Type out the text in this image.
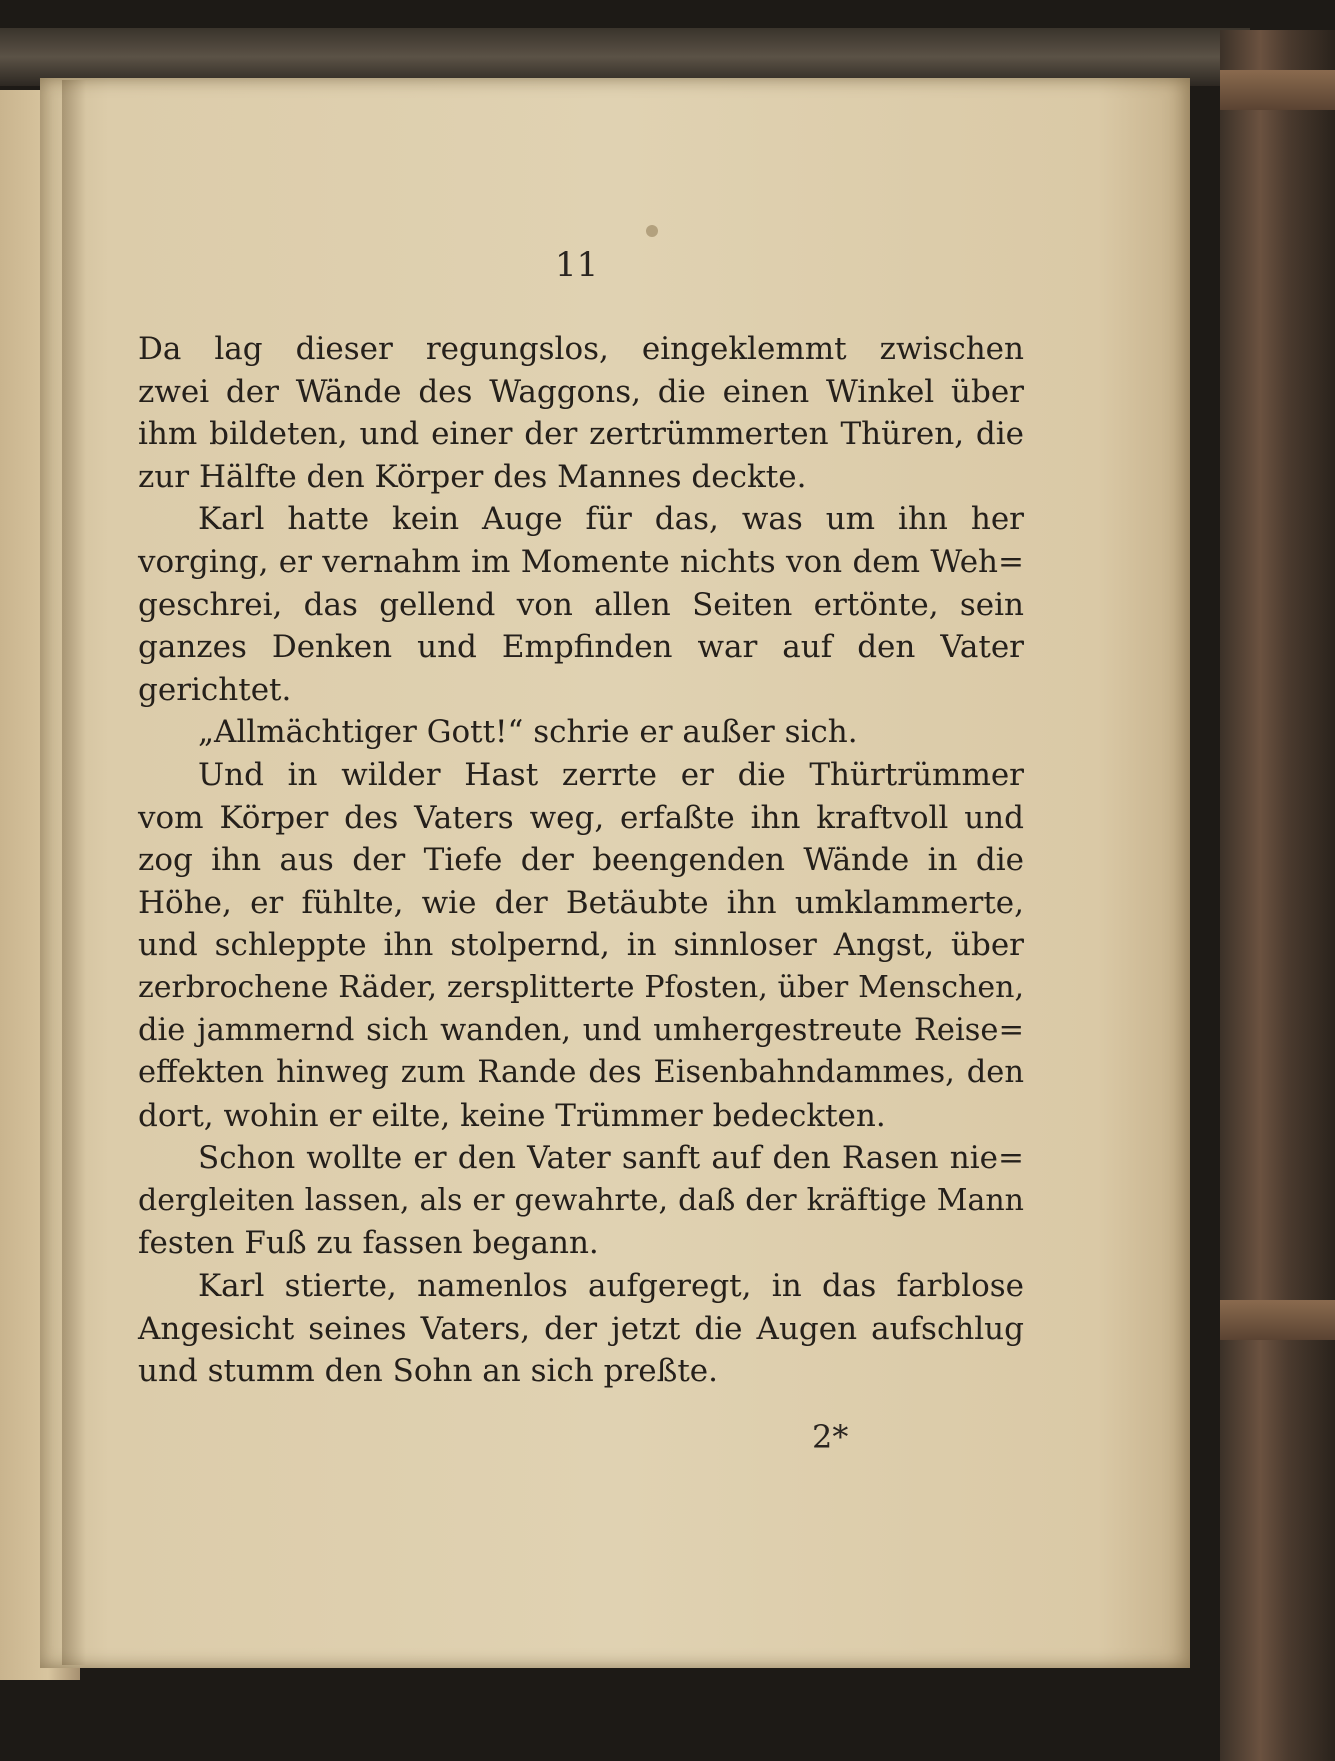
11
Da lag dieser regungslos, eingeklemmt zwischen
zwei der Wände des Waggons, die einen Winkel über
ihm bildeten, und einer der zertrümmerten Thüren, die
zur Hälfte den Körper des Mannes deckte.
Karl hatte kein Auge für das, was um ihn her
vorging, er vernahm im Momente nichts von dem Weh=
geschrei, das gellend von allen Seiten ertönte, sein
ganzes Denken und Empfinden war auf den Vater
gerichtet.
„Allmächtiger Gott!“ schrie er außer sich.
Und in wilder Hast zerrte er die Thürtrümmer
vom Körper des Vaters weg, erfaßte ihn kraftvoll und
zog ihn aus der Tiefe der beengenden Wände in die
Höhe, er fühlte, wie der Betäubte ihn umklammerte,
und schleppte ihn stolpernd, in sinnloser Angst, über
zerbrochene Räder, zersplitterte Pfosten, über Menschen,
die jammernd sich wanden, und umhergestreute Reise=
effekten hinweg zum Rande des Eisenbahndammes, den
dort, wohin er eilte, keine Trümmer bedeckten.
Schon wollte er den Vater sanft auf den Rasen nie=
dergleiten lassen, als er gewahrte, daß der kräftige Mann
festen Fuß zu fassen begann.
Karl stierte, namenlos aufgeregt, in das farblose
Angesicht seines Vaters, der jetzt die Augen aufschlug
und stumm den Sohn an sich preßte.
2*
